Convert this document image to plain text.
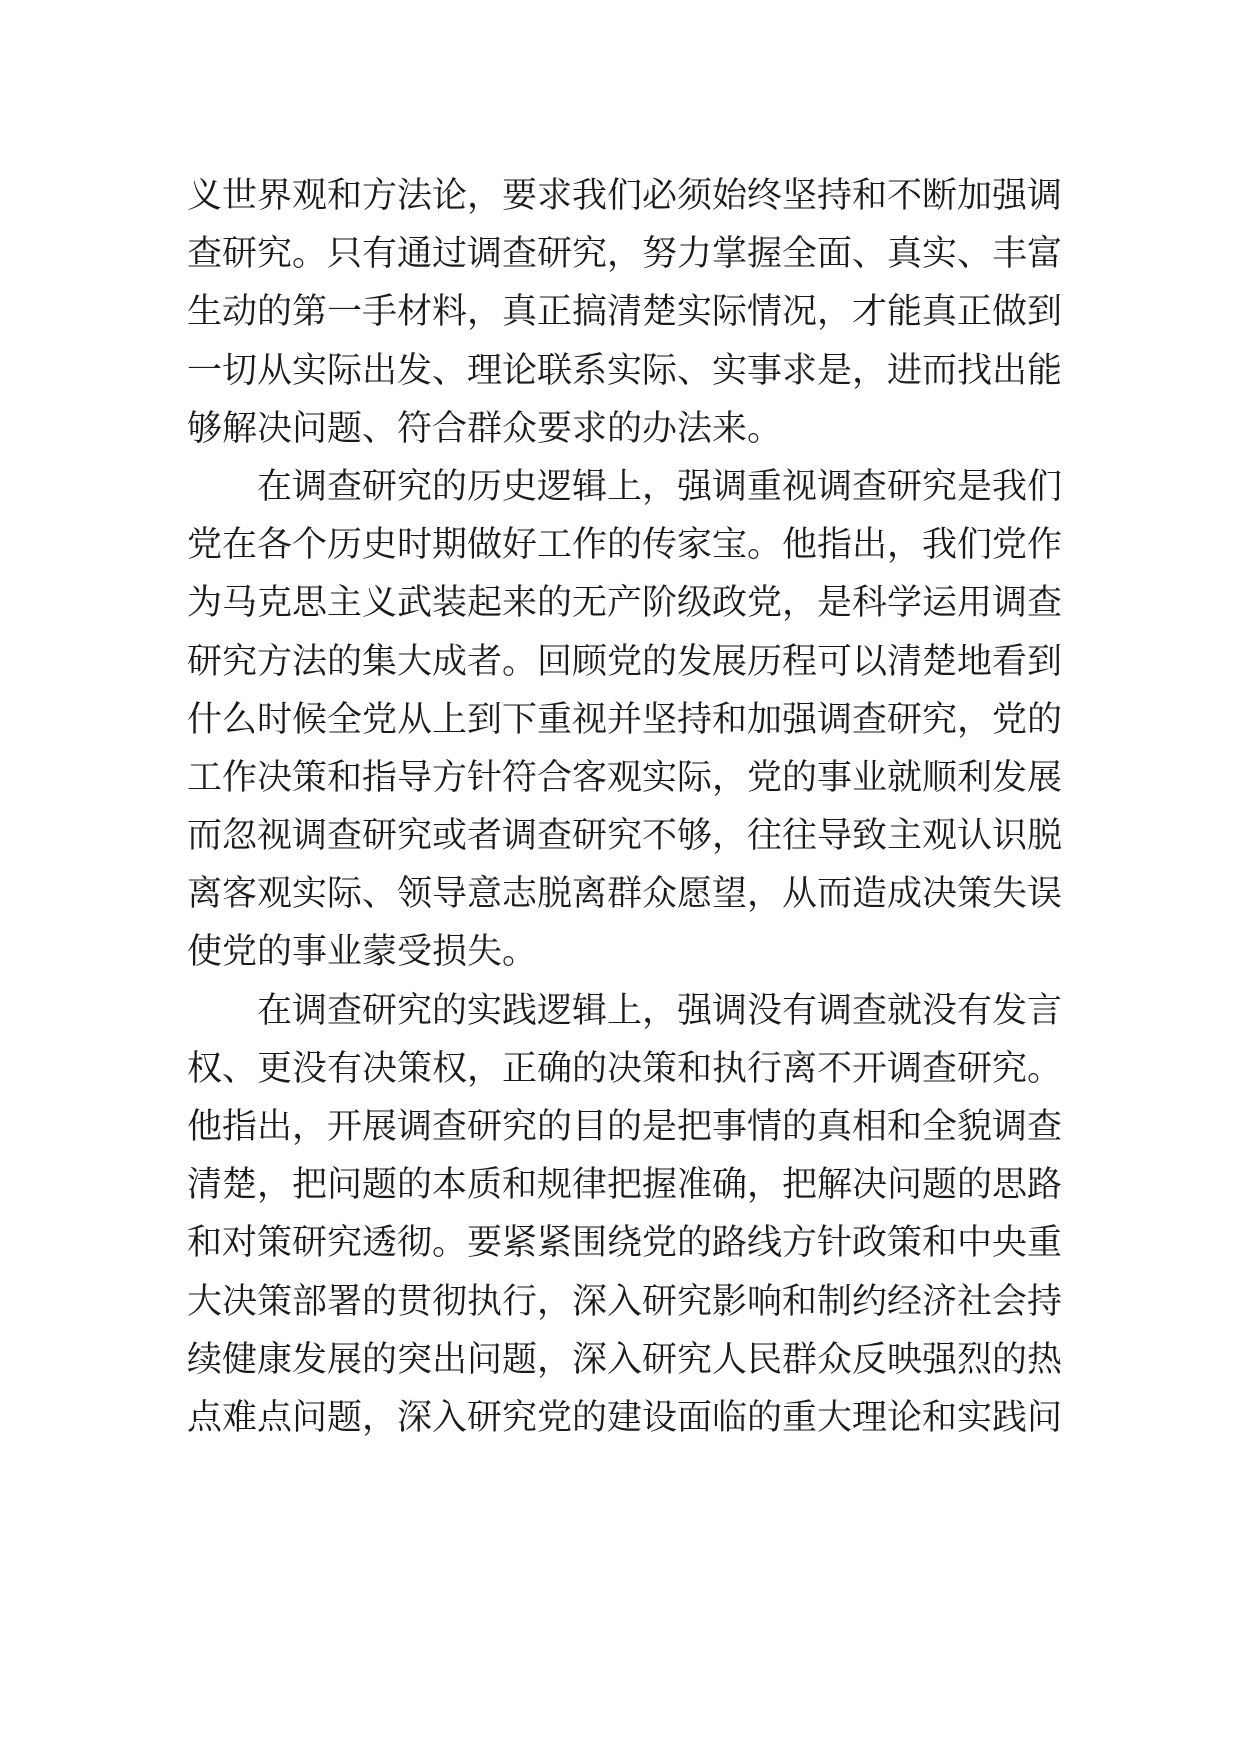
义世界观和方法论，要求我们必须始终坚持和不断加强调
查研究。只有通过调查研究，努力掌握全面、真实、丰富
生动的第一手材料，真正搞清楚实际情况，才能真正做到
一切从实际出发、理论联系实际、实事求是，进而找出能
够解决问题、符合群众要求的办法来。
在调查研究的历史逻辑上，强调重视调查研究是我们
党在各个历史时期做好工作的传家宝。他指出，我们党作
为马克思主义武装起来的无产阶级政党，是科学运用调查
研究方法的集大成者。回顾党的发展历程可以清楚地看到
什么时候全党从上到下重视并坚持和加强调查研究，党的
工作决策和指导方针符合客观实际，党的事业就顺利发展
而忽视调查研究或者调查研究不够，往往导致主观认识脱
离客观实际、领导意志脱离群众愿望，从而造成决策失误
使党的事业蒙受损失。
在调查研究的实践逻辑上，强调没有调查就没有发言
权、更没有决策权，正确的决策和执行离不开调查研究。
他指出，开展调查研究的目的是把事情的真相和全貌调查
清楚，把问题的本质和规律把握准确，把解决问题的思路
和对策研究透彻。要紧紧围绕党的路线方针政策和中央重
大决策部署的贯彻执行，深入研究影响和制约经济社会持
续健康发展的突出问题，深入研究人民群众反映强烈的热
点难点问题，深入研究党的建设面临的重大理论和实践问
